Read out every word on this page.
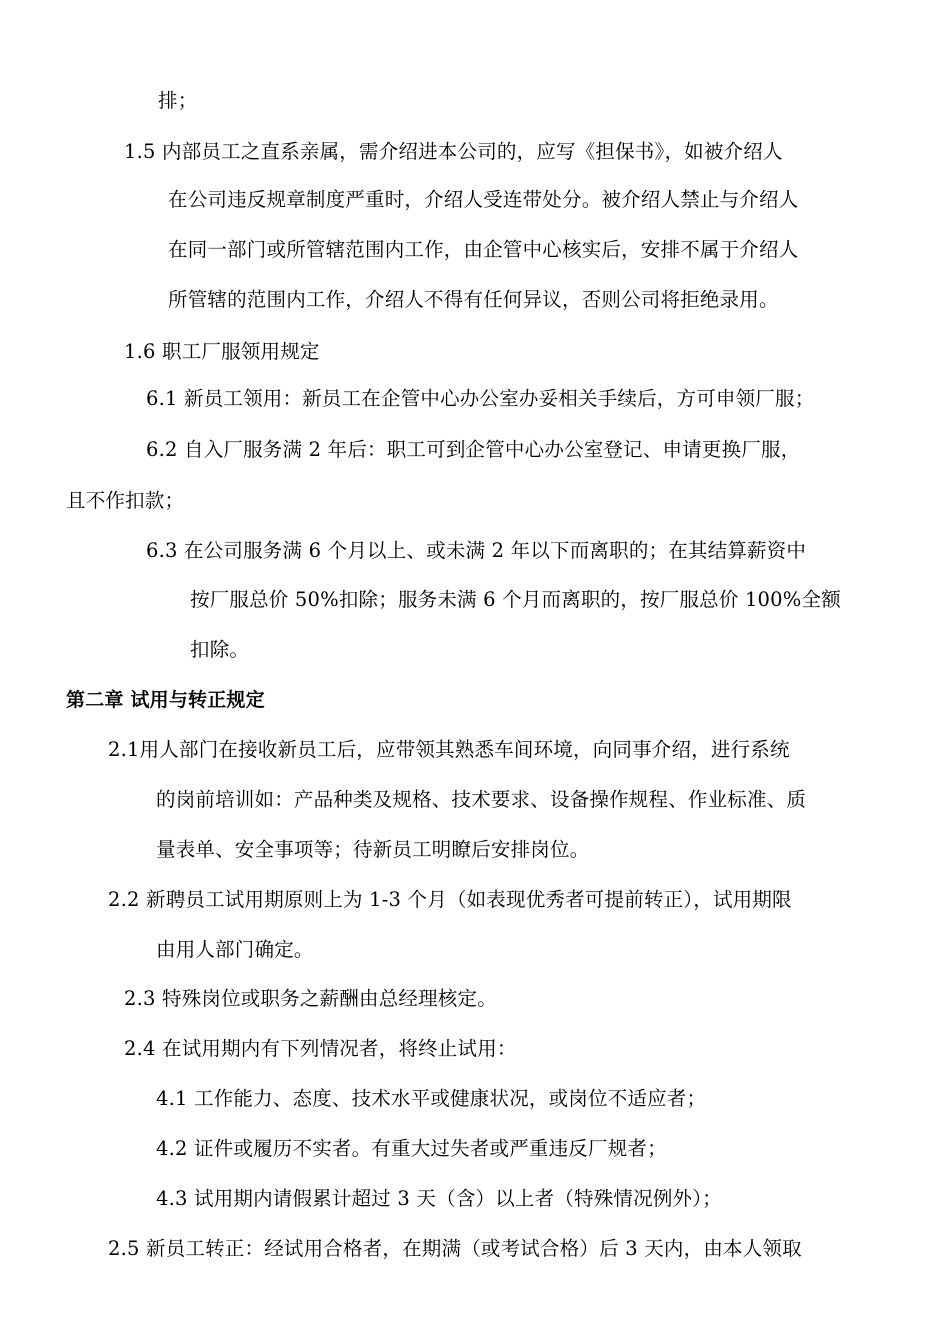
排；
1.5 内部员工之直系亲属，需介绍进本公司的，应写《担保书》，如被介绍人
在公司违反规章制度严重时，介绍人受连带处分。被介绍人禁止与介绍人
在同一部门或所管辖范围内工作，由企管中心核实后，安排不属于介绍人
所管辖的范围内工作，介绍人不得有任何异议，否则公司将拒绝录用。
1.6 职工厂服领用规定
6.1 新员工领用：新员工在企管中心办公室办妥相关手续后，方可申领厂服；
6.2 自入厂服务满 2 年后：职工可到企管中心办公室登记、申请更换厂服，
且不作扣款；
6.3 在公司服务满 6 个月以上、或未满 2 年以下而离职的；在其结算薪资中
按厂服总价 50%扣除；服务未满 6 个月而离职的，按厂服总价 100%全额
扣除。
第二章 试用与转正规定
2.1用人部门在接收新员工后，应带领其熟悉车间环境，向同事介绍，进行系统
的岗前培训如：产品种类及规格、技术要求、设备操作规程、作业标准、质
量表单、安全事项等；待新员工明瞭后安排岗位。
2.2 新聘员工试用期原则上为 1-3 个月（如表现优秀者可提前转正），试用期限
由用人部门确定。
2.3 特殊岗位或职务之薪酬由总经理核定。
2.4 在试用期内有下列情况者，将终止试用：
4.1 工作能力、态度、技术水平或健康状况，或岗位不适应者；
4.2 证件或履历不实者。有重大过失者或严重违反厂规者；
4.3 试用期内请假累计超过 3 天（含）以上者（特殊情况例外）；
2.5 新员工转正：经试用合格者，在期满（或考试合格）后 3 天内，由本人领取
